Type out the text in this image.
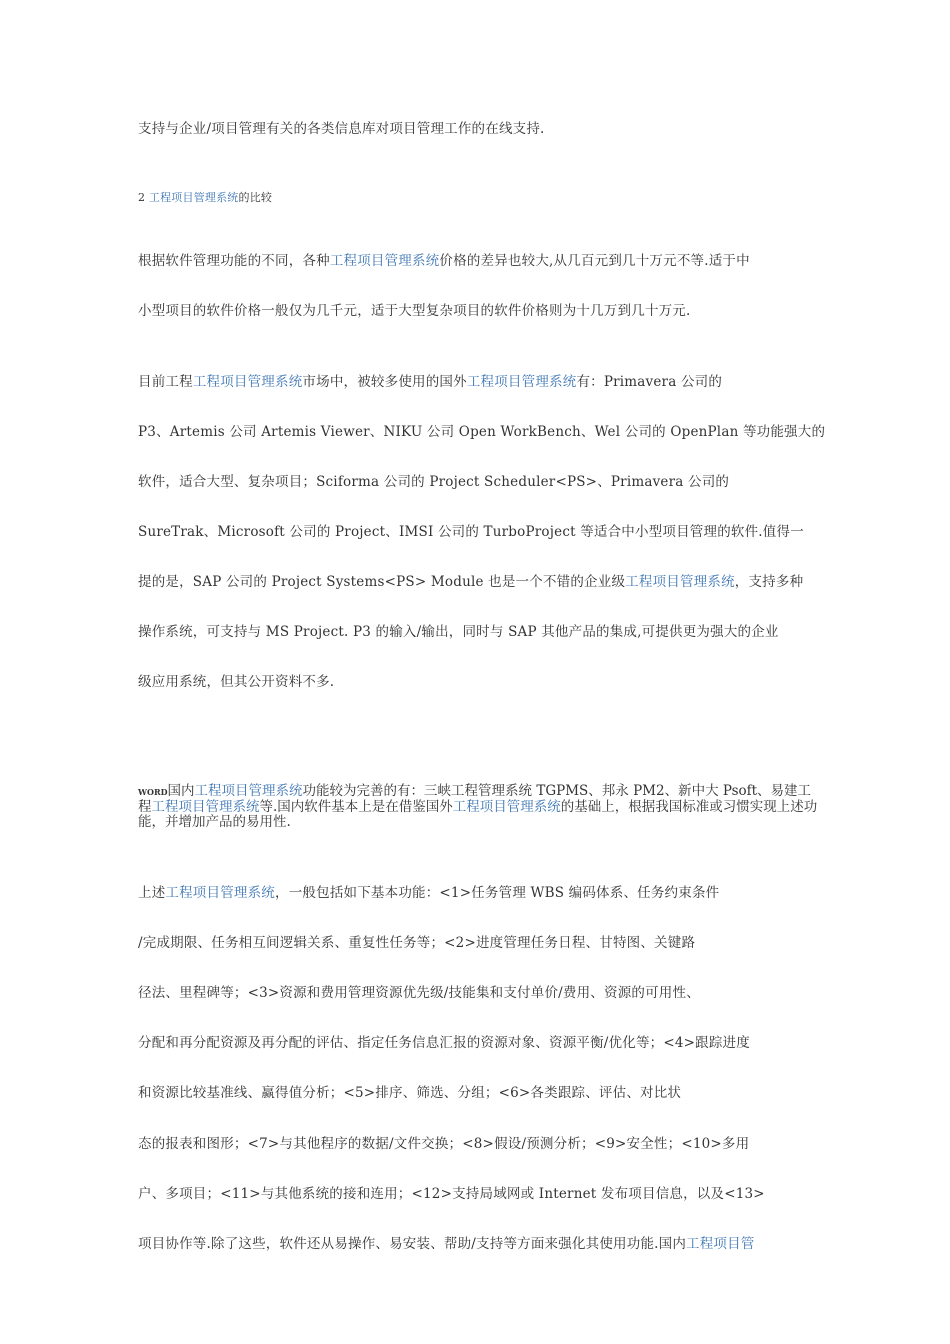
支持与企业/项目管理有关的各类信息库对项目管理工作的在线支持.
2 工程项目管理系统的比较
根据软件管理功能的不同，各种工程项目管理系统价格的差异也较大,从几百元到几十万元不等.适于中
小型项目的软件价格一般仅为几千元，适于大型复杂项目的软件价格则为十几万到几十万元.
目前工程工程项目管理系统市场中，被较多使用的国外工程项目管理系统有：Primavera 公司的
P3、Artemis 公司 Artemis Viewer、NIKU 公司 Open WorkBench、Wel 公司的 OpenPlan 等功能强大的
软件，适合大型、复杂项目；Sciforma 公司的 Project Scheduler<PS>、Primavera 公司的
SureTrak、Microsoft 公司的 Project、IMSI 公司的 TurboProject 等适合中小型项目管理的软件.值得一
提的是，SAP 公司的 Project Systems<PS> Module 也是一个不错的企业级工程项目管理系统，支持多种
操作系统，可支持与 MS Project. P3 的输入/输出，同时与 SAP 其他产品的集成,可提供更为强大的企业
级应用系统，但其公开资料不多.
WORD国内工程项目管理系统功能较为完善的有：三峡工程管理系统 TGPMS、邦永 PM2、新中大 Psoft、易建工程工程项目管理系统等.国内软件基本上是在借鉴国外工程项目管理系统的基础上，根据我国标准或习惯实现上述功能，并增加产品的易用性.
上述工程项目管理系统，一般包括如下基本功能：<1>任务管理 WBS 编码体系、任务约束条件
/完成期限、任务相互间逻辑关系、重复性任务等；<2>进度管理任务日程、甘特图、关键路
径法、里程碑等；<3>资源和费用管理资源优先级/技能集和支付单价/费用、资源的可用性、
分配和再分配资源及再分配的评估、指定任务信息汇报的资源对象、资源平衡/优化等；<4>跟踪进度
和资源比较基准线、赢得值分析；<5>排序、筛选、分组；<6>各类跟踪、评估、对比状
态的报表和图形；<7>与其他程序的数据/文件交换；<8>假设/预测分析；<9>安全性；<10>多用
户、多项目；<11>与其他系统的接和连用；<12>支持局域网或 Internet 发布项目信息，以及<13>
项目协作等.除了这些，软件还从易操作、易安装、帮助/支持等方面来强化其使用功能.国内工程项目管
